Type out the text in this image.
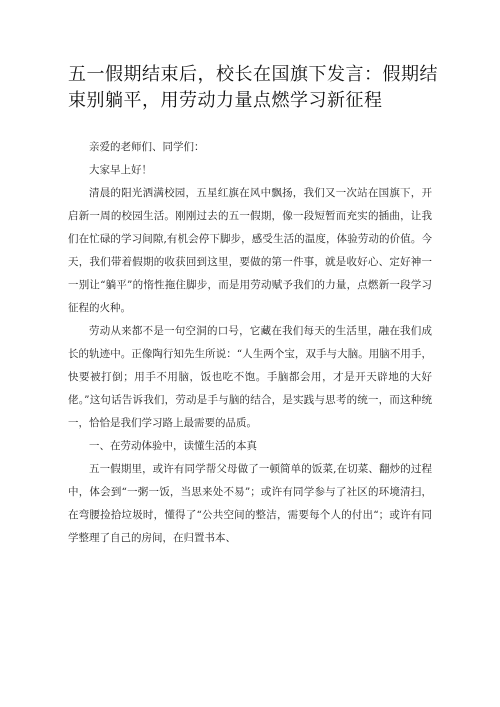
五一假期结束后，校长在国旗下发言：假期结束别躺平，用劳动力量点燃学习新征程

亲爱的老师们、同学们：

大家早上好！

清晨的阳光洒满校园，五星红旗在风中飘扬，我们又一次站在国旗下，开启新一周的校园生活。刚刚过去的五一假期，像一段短暂而充实的插曲，让我们在忙碌的学习间隙,有机会停下脚步，感受生活的温度，体验劳动的价值。今天，我们带着假期的收获回到这里，要做的第一件事，就是收好心、定好神一一别让“躺平”的惰性拖住脚步，而是用劳动赋予我们的力量，点燃新一段学习征程的火种。

劳动从来都不是一句空洞的口号，它藏在我们每天的生活里，融在我们成长的轨迹中。正像陶行知先生所说：“人生两个宝，双手与大脑。用脑不用手，快要被打倒；用手不用脑，饭也吃不饱。手脑都会用，才是开天辟地的大好佬。”这句话告诉我们，劳动是手与脑的结合，是实践与思考的统一，而这种统一，恰恰是我们学习路上最需要的品质。

一、在劳动体验中，读懂生活的本真

五一假期里，或许有同学帮父母做了一顿简单的饭菜,在切菜、翻炒的过程中，体会到“一粥一饭，当思来处不易”；或许有同学参与了社区的环境清扫，在弯腰捡拾垃圾时，懂得了“公共空间的整洁，需要每个人的付出“；或许有同学整理了自己的房间，在归置书本、
